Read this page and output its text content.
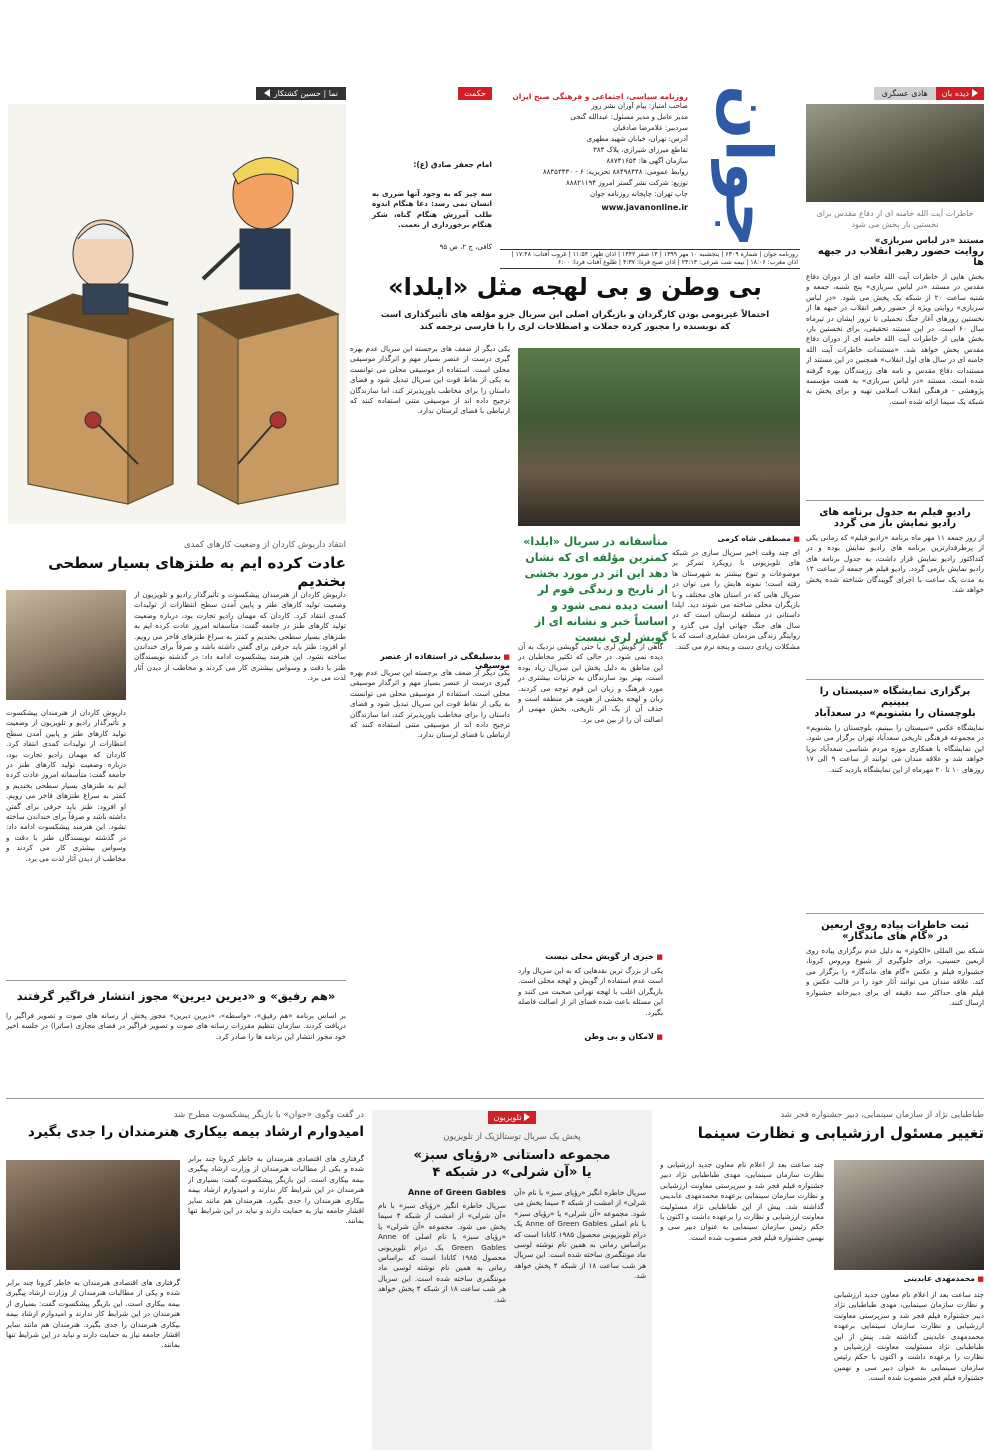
نما | حسین کشتکار	حکمت
امام جعفر صادق (ع):
سه چیز که به وجود آنها ضرری به انسان نمی رسد: دعا هنگام اندوه طلب آمرزش هنگام گناه، شکر هنگام برخورداری از نعمت.
کافی، ج ۲، ص ۹۵	جوان
روزنامه سیاسی، اجتماعی و فرهنگی صبح ایران
صاحب امتیاز: پیام آوران نشر روز
مدیر عامل و مدیر مسئول: عبدالله گنجی
سردبیر: غلامرضا صادقیان
آدرس: تهران، خیابان شهید مطهری
تقاطع میرزای شیرازی، پلاک ۳۸۴
سازمان آگهی ها: ۸۸۷۴۱۶۵۴
روابط عمومی: ۸۸۴۹۸۴۴۸ تحریریه: ۶ - ۸۸۴۵۳۴۳۰
توزیع: شرکت نشر گستر امروز ۸۸۸۲۱۱۹۴
چاپ تهران: چاپخانه روزنامه جوان
www.javanonline.ir
روزنامه جوان | شماره ۶۳۰۹ | پنجشنبه ۱۰ مهر ۱۳۹۹ | ۱۴ صفر ۱۴۴۲ | اذان ظهر: ۱۱:۵۴ | غروب آفتاب: ۱۷:۴۸ | اذان مغرب: ۱۸:۰۶ | نیمه شب شرعی: ۲۳:۱۳ | اذان صبح فردا: ۴:۳۷ | طلوع آفتاب فردا: ۶:۰۰
هادی عسگری	دیده بان
خاطرات آیت الله خامنه ای از دفاع مقدس برای نخستین بار پخش می شود
مستند «در لباس سربازی»
روایت حضور رهبر انقلاب در جبهه ها
بخش هایی از خاطرات آیت الله خامنه ای از دوران دفاع مقدس در مستند «در لباس سربازی» پنج شنبه، جمعه و شنبه ساعت ۲۰ از شبکه یک پخش می شود. «در لباس سربازی» روایتی ویژه از حضور رهبر انقلاب در جبهه ها از نخستین روزهای آغاز جنگ تحمیلی تا ترور ایشان در تیرماه سال ۶۰ است. در این مستند تحقیقی، برای نخستین بار، بخش هایی از خاطرات آیت الله خامنه ای از دوران دفاع مقدس پخش خواهد شد. «مستندات خاطرات آیت الله خامنه ای در سال های اول انقلاب» همچنین در این مستند از مستندات دفاع مقدس و نامه های رزمندگان بهره گرفته شده است. مستند «در لباس سربازی» به همت مؤسسه پژوهشی - فرهنگی انقلاب اسلامی تهیه و برای پخش به شبکه یک سیما ارائه شده است.
رادیو فیلم به جدول برنامه های
رادیو نمایش باز می گردد
از روز جمعه ۱۱ مهر ماه برنامه «رادیو فیلم» که زمانی یکی از پرطرفدارترین برنامه های رادیو نمایش بوده و در کنداکتور رادیو نمایش قرار داشت، به جدول برنامه های رادیو نمایش بازمی گردد. رادیو فیلم هر جمعه از ساعت ۱۴ به مدت یک ساعت با اجرای گویندگان شناخته شده پخش خواهد شد.
برگزاری نمایشگاه «سیستان را ببینیم
بلوچستان را بشنویم» در سعدآباد
نمایشگاه عکس «سیستان را ببینیم، بلوچستان را بشنویم» در مجموعه فرهنگی تاریخی سعدآباد تهران برگزار می شود. این نمایشگاه با همکاری موزه مردم شناسی سعدآباد برپا خواهد شد و علاقه مندان می توانند از ساعت ۹ الی ۱۷ روزهای ۱۰ تا ۲۰ مهرماه از این نمایشگاه بازدید کنند.
ثبت خاطرات پیاده روی اربعین
در «گام های ماندگار»
شبکه بین المللی «الکوثر» به دلیل عدم برگزاری پیاده روی اربعین حسینی، برای جلوگیری از شیوع ویروس کرونا، جشنواره فیلم و عکس «گام های ماندگار» را برگزار می کند. علاقه مندان می توانند آثار خود را در قالب عکس و فیلم های حداکثر سه دقیقه ای برای دبیرخانه جشنواره ارسال کنند.
بی وطن و بی لهجه مثل «ایلدا»
احتمالاً غیربومی بودن کارگردان و بازیگران اصلی این سریال جزو مؤلفه های تأثیرگذاری است
که نویسنده را مجبور کرده جملات و اصطلاحات لری را با فارسی ترجمه کند
یکی دیگر از ضعف های برجسته این سریال عدم بهره گیری درست از عنصر بسیار مهم و اثرگذار موسیقی محلی است. استفاده از موسیقی محلی می توانست به یکی از نقاط قوت این سریال تبدیل شود و فضای داستان را برای مخاطب باورپذیرتر کند، اما سازندگان ترجیح داده اند از موسیقی متنی استفاده کنند که ارتباطی با فضای لرستان ندارد.
■ مصطفی شاه کرمی
ای چند وقت اخیر سریال سازی در شبکه های تلویزیونی با رویکرد تمرکز بر موضوعات و تنوع بیشتر به شهرستان ها رفته است؛ نمونه هایش را می توان در سریال هایی که در استان های مختلف و با بازیگران محلی ساخته می شوند دید. ایلدا داستانی در منطقه لرستان است که در سال های جنگ جهانی اول می گذرد و روایتگر زندگی مردمان عشایری است که با مشکلات زیادی دست و پنجه نرم می کنند.
متأسفانه در سریال «ایلدا» کمترین مؤلفه ای که نشان دهد این اثر در مورد بخشی از تاریخ و زندگی قوم لر است دیده نمی شود و اساساً خبر و نشانه ای از گویش لری نیست
گاهی از گویش لری یا حتی گویشی نزدیک به آن دیده نمی شود. در حالی که تکثیر مخاطبان در این مناطق به دلیل پخش این سریال زیاد بوده است، بهتر بود سازندگان به جزئیات بیشتری در مورد فرهنگ و زبان این قوم توجه می کردند. زبان و لهجه بخشی از هویت هر منطقه است و حذف آن از یک اثر تاریخی، بخش مهمی از اصالت آن را از بین می برد.
■ بدسلیقگی در استفاده از عنصر موسیقی
یکی دیگر از ضعف های برجسته این سریال عدم بهره گیری درست از عنصر بسیار مهم و اثرگذار موسیقی محلی است. استفاده از موسیقی محلی می توانست به یکی از نقاط قوت این سریال تبدیل شود و فضای داستان را برای مخاطب باورپذیرتر کند، اما سازندگان ترجیح داده اند از موسیقی متنی استفاده کنند که ارتباطی با فضای لرستان ندارد.
■ خبری از گویش محلی نیست
یکی از بزرگ ترین نقدهایی که به این سریال وارد است عدم استفاده از گویش و لهجه محلی است. بازیگران اغلب با لهجه تهرانی صحبت می کنند و این مسئله باعث شده فضای اثر از اصالت فاصله بگیرد.
■ لامکان و بی وطن
انتقاد داریوش کاردان از وضعیت کارهای کمدی
عادت کرده ایم به طنزهای بسیار سطحی بخندیم
داریوش کاردان از هنرمندان پیشکسوت و تأثیرگذار رادیو و تلویزیون از وضعیت تولید کارهای طنز و پایین آمدن سطح انتظارات از تولیدات کمدی انتقاد کرد. کاردان که مهمان رادیو تجارت بود، درباره وضعیت تولید کارهای طنز در جامعه گفت: متأسفانه امروز عادت کرده ایم به طنزهای بسیار سطحی بخندیم و کمتر به سراغ طنزهای فاخر می رویم. او افزود: طنز باید حرفی برای گفتن داشته باشد و صرفاً برای خنداندن ساخته نشود. این هنرمند پیشکسوت ادامه داد: در گذشته نویسندگان طنز با دقت و وسواس بیشتری کار می کردند و مخاطب از دیدن آثار لذت می برد.
داریوش کاردان از هنرمندان پیشکسوت و تأثیرگذار رادیو و تلویزیون از وضعیت تولید کارهای طنز و پایین آمدن سطح انتظارات از تولیدات کمدی انتقاد کرد. کاردان که مهمان رادیو تجارت بود، درباره وضعیت تولید کارهای طنز در جامعه گفت: متأسفانه امروز عادت کرده ایم به طنزهای بسیار سطحی بخندیم و کمتر به سراغ طنزهای فاخر می رویم. او افزود: طنز باید حرفی برای گفتن داشته باشد و صرفاً برای خنداندن ساخته نشود. این هنرمند پیشکسوت ادامه داد: در گذشته نویسندگان طنز با دقت و وسواس بیشتری کار می کردند و مخاطب از دیدن آثار لذت می برد.
«هم رفیق» و «دیرین دیرین» مجوز انتشار فراگیر گرفتند
بر اساس برنامه «هم رفیق»، «واسطه»، «دیرین دیرین» مجوز پخش از رسانه های صوت و تصویر فراگیر را دریافت کردند. سازمان تنظیم مقررات رسانه های صوت و تصویر فراگیر در فضای مجازی (ساترا) در جلسه اخیر خود مجوز انتشار این برنامه ها را صادر کرد.
طباطبایی نژاد از سازمان سینمایی، دبیر جشنواره فجر شد
تغییر مسئول ارزشیابی و نظارت سینما
■ محمدمهدی عابدینی
چند ساعت بعد از اعلام نام معاون جدید ارزشیابی و نظارت سازمان سینمایی، مهدی طباطبایی نژاد دبیر جشنواره فیلم فجر شد و سرپرستی معاونت ارزشیابی و نظارت سازمان سینمایی برعهده محمدمهدی عابدینی گذاشته شد. پیش از این طباطبایی نژاد مسئولیت معاونت ارزشیابی و نظارت را برعهده داشت و اکنون با حکم رئیس سازمان سینمایی به عنوان دبیر سی و نهمین جشنواره فیلم فجر منصوب شده است.
چند ساعت بعد از اعلام نام معاون جدید ارزشیابی و نظارت سازمان سینمایی، مهدی طباطبایی نژاد دبیر جشنواره فیلم فجر شد و سرپرستی معاونت ارزشیابی و نظارت سازمان سینمایی برعهده محمدمهدی عابدینی گذاشته شد. پیش از این طباطبایی نژاد مسئولیت معاونت ارزشیابی و نظارت را برعهده داشت و اکنون با حکم رئیس سازمان سینمایی به عنوان دبیر سی و نهمین جشنواره فیلم فجر منصوب شده است.
تلویزیون
پخش یک سریال توستالژیک از تلویزیون
مجموعه داستانی «رؤیای سبز»
یا «آن شرلی» در شبکه ۴
سریال خاطره انگیز «رؤیای سبز» با نام «آن شرلی» از امشب از شبکه ۴ سیما پخش می شود. مجموعه «آن شرلی» یا «رؤیای سبز» با نام اصلی Anne of Green Gables یک درام تلویزیونی محصول ۱۹۸۵ کانادا است که براساس رمانی به همین نام نوشته لوسی ماد مونتگمری ساخته شده است. این سریال هر شب ساعت ۱۸ از شبکه ۴ پخش خواهد شد.
Anne of Green Gables
سریال خاطره انگیز «رؤیای سبز» با نام «آن شرلی» از امشب از شبکه ۴ سیما پخش می شود. مجموعه «آن شرلی» یا «رؤیای سبز» با نام اصلی Anne of Green Gables یک درام تلویزیونی محصول ۱۹۸۵ کانادا است که براساس رمانی به همین نام نوشته لوسی ماد مونتگمری ساخته شده است. این سریال هر شب ساعت ۱۸ از شبکه ۴ پخش خواهد شد.
در گفت وگوی «جوان» با بازیگر پیشکسوت مطرح شد
امیدوارم ارشاد بیمه بیکاری هنرمندان را جدی بگیرد
گرفتاری های اقتصادی هنرمندان به خاطر کرونا چند برابر شده و یکی از مطالبات هنرمندان از وزارت ارشاد پیگیری بیمه بیکاری است. این بازیگر پیشکسوت گفت: بسیاری از هنرمندان در این شرایط کار ندارند و امیدوارم ارشاد بیمه بیکاری هنرمندان را جدی بگیرد. هنرمندان هم مانند سایر اقشار جامعه نیاز به حمایت دارند و نباید در این شرایط تنها بمانند.
گرفتاری های اقتصادی هنرمندان به خاطر کرونا چند برابر شده و یکی از مطالبات هنرمندان از وزارت ارشاد پیگیری بیمه بیکاری است. این بازیگر پیشکسوت گفت: بسیاری از هنرمندان در این شرایط کار ندارند و امیدوارم ارشاد بیمه بیکاری هنرمندان را جدی بگیرد. هنرمندان هم مانند سایر اقشار جامعه نیاز به حمایت دارند و نباید در این شرایط تنها بمانند.
